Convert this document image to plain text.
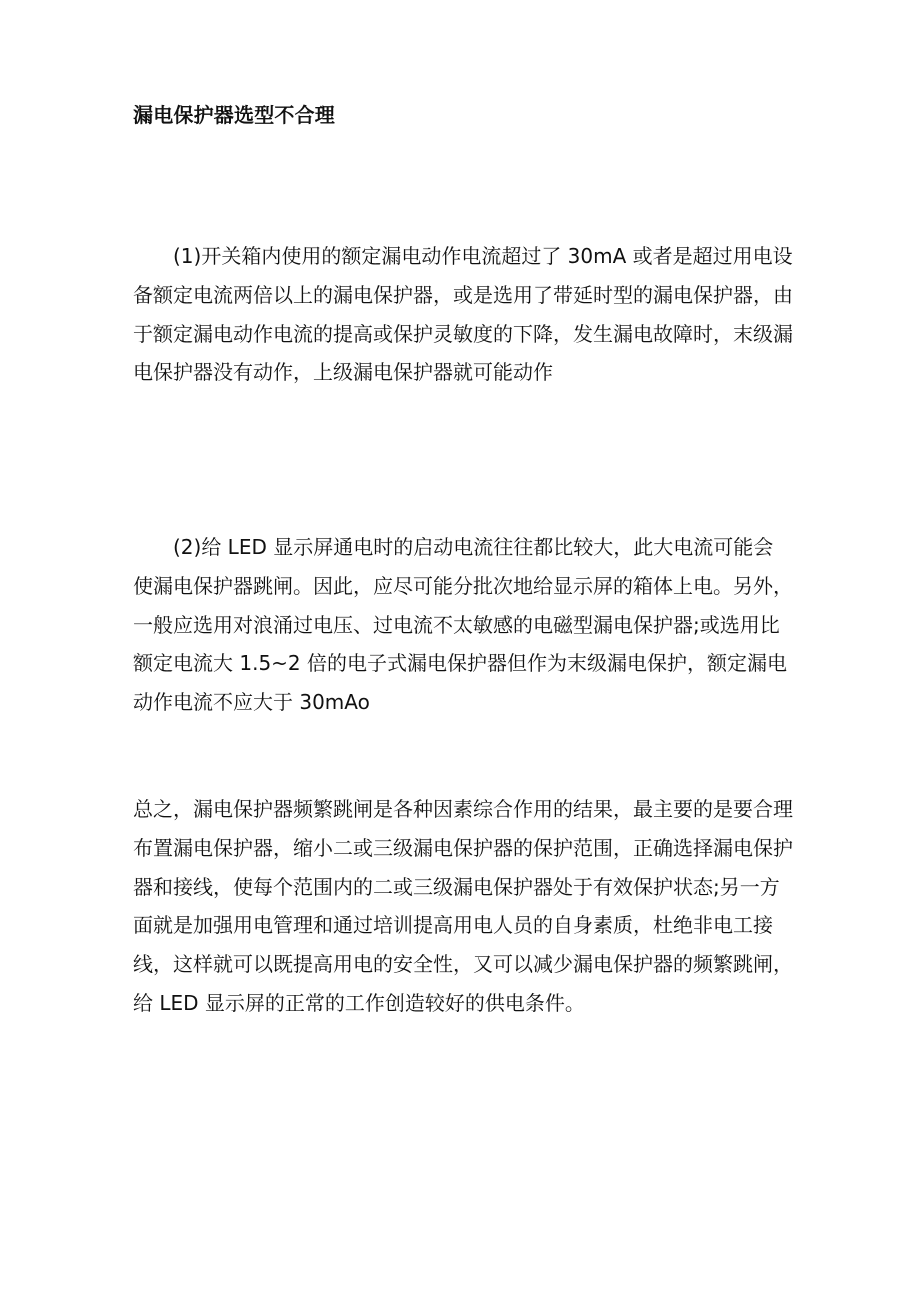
漏电保护器选型不合理

(1)开关箱内使用的额定漏电动作电流超过了 30mA 或者是超过用电设备额定电流两倍以上的漏电保护器，或是选用了带延时型的漏电保护器，由于额定漏电动作电流的提高或保护灵敏度的下降，发生漏电故障时，末级漏电保护器没有动作，上级漏电保护器就可能动作

(2)给 LED 显示屏通电时的启动电流往往都比较大，此大电流可能会使漏电保护器跳闸。因此，应尽可能分批次地给显示屏的箱体上电。另外，一般应选用对浪涌过电压、过电流不太敏感的电磁型漏电保护器;或选用比额定电流大 1.5~2 倍的电子式漏电保护器但作为末级漏电保护，额定漏电动作电流不应大于 30mAo

总之，漏电保护器频繁跳闸是各种因素综合作用的结果，最主要的是要合理布置漏电保护器，缩小二或三级漏电保护器的保护范围，正确选择漏电保护器和接线，使每个范围内的二或三级漏电保护器处于有效保护状态;另一方面就是加强用电管理和通过培训提高用电人员的自身素质，杜绝非电工接线，这样就可以既提高用电的安全性，又可以减少漏电保护器的频繁跳闸，给 LED 显示屏的正常的工作创造较好的供电条件。
